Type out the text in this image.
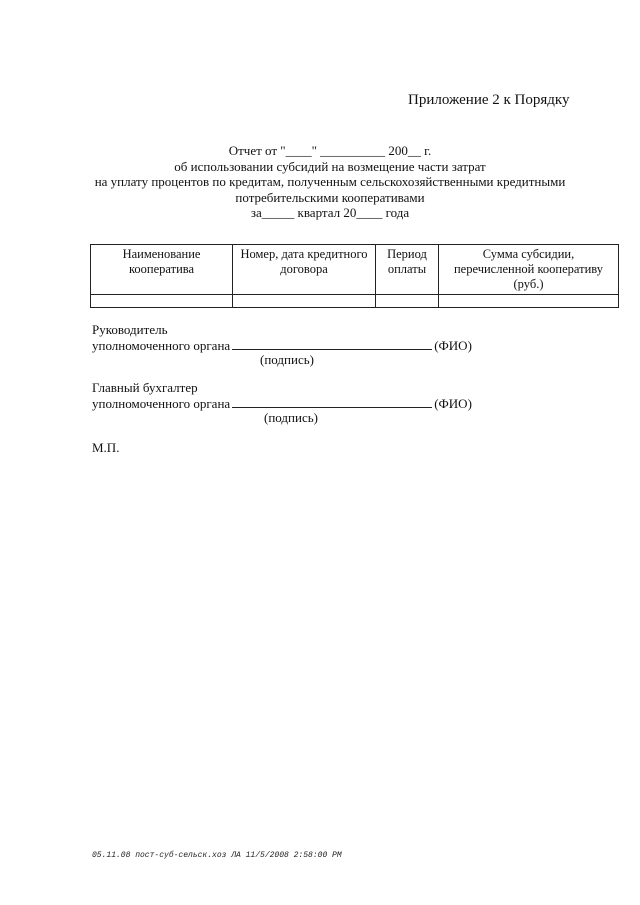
Приложение 2 к Порядку
Отчет от "____" __________ 200__ г.
об использовании субсидий на возмещение части затрат
на уплату процентов по кредитам, полученным сельскохозяйственными кредитными
потребительскими кооперативами
за_____ квартал 20____ года
Наименование кооператива	Номер, дата кредитного договора	Период оплаты	Сумма субсидии, перечисленной кооперативу (руб.)

Руководитель
уполномоченного органа	(ФИО)
(подпись)
Главный бухгалтер
уполномоченного органа	(ФИО)
(подпись)
М.П.
05.11.08 пост-суб-сельск.хоз ЛА 11/5/2008 2:58:00 PM
